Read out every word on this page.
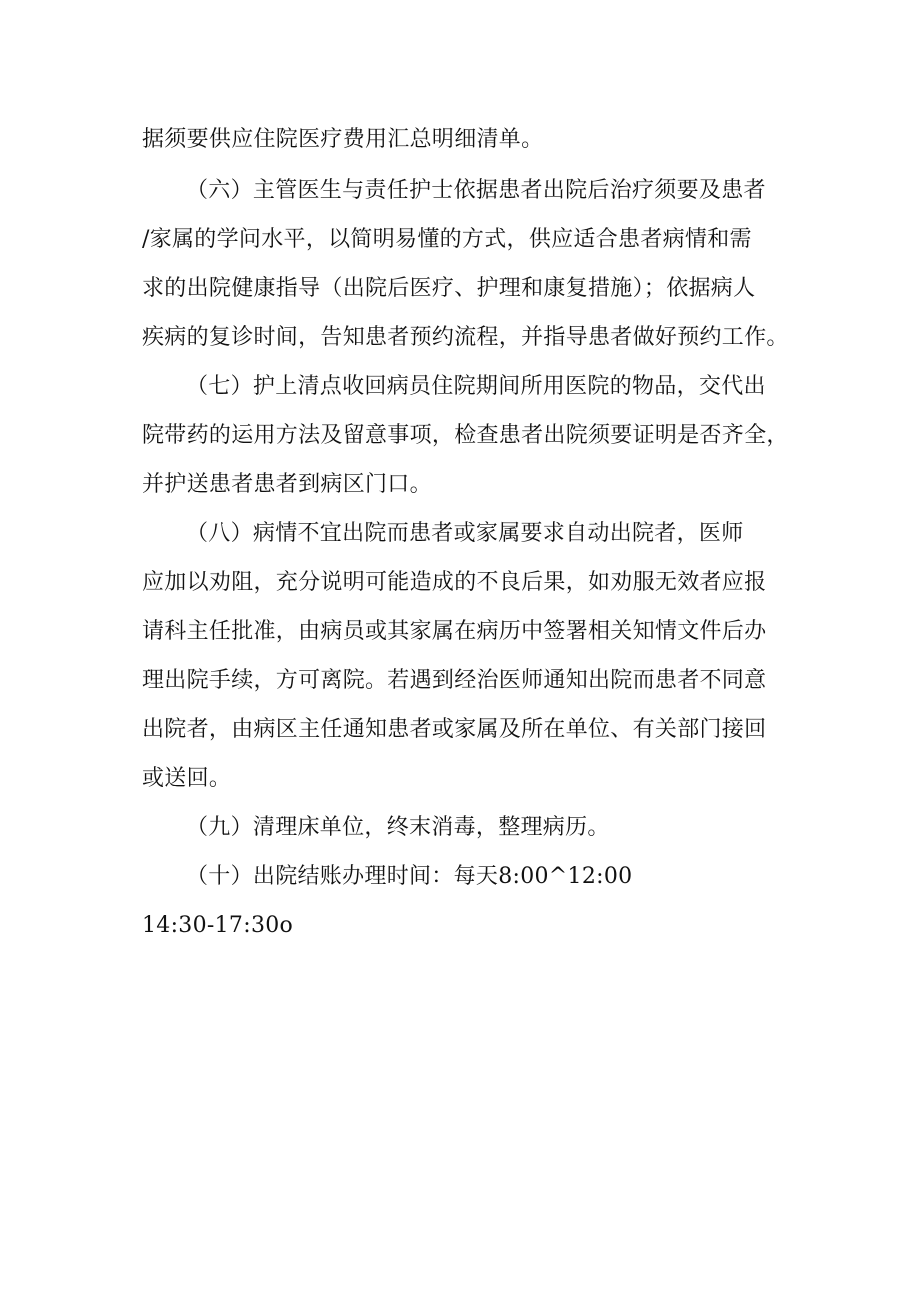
据须要供应住院医疗费用汇总明细清单。
（六）主管医生与责任护士依据患者出院后治疗须要及患者
/家属的学问水平，以简明易懂的方式，供应适合患者病情和需
求的出院健康指导（出院后医疗、护理和康复措施）；依据病人
疾病的复诊时间，告知患者预约流程，并指导患者做好预约工作。
（七）护上清点收回病员住院期间所用医院的物品，交代出
院带药的运用方法及留意事项，检查患者出院须要证明是否齐全，
并护送患者患者到病区门口。
（八）病情不宜出院而患者或家属要求自动出院者，医师
应加以劝阻，充分说明可能造成的不良后果，如劝服无效者应报
请科主任批准，由病员或其家属在病历中签署相关知情文件后办
理出院手续，方可离院。若遇到经治医师通知出院而患者不同意
出院者，由病区主任通知患者或家属及所在单位、有关部门接回
或送回。
（九）清理床单位，终末消毒，整理病历。
（十）出院结账办理时间：每天8:00^12:00
14:30-17:30o
